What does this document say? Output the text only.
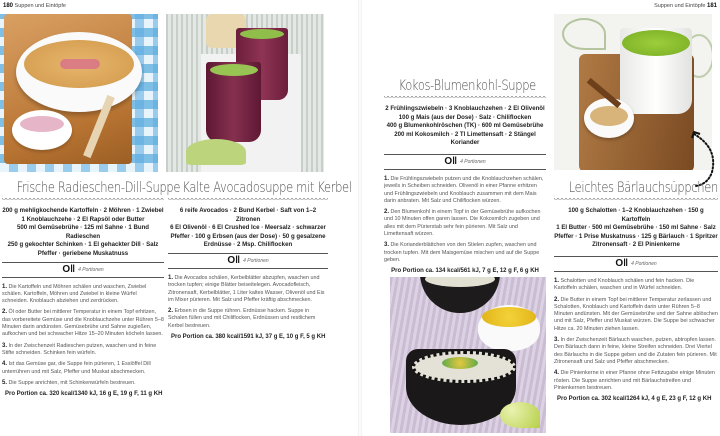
180 Suppen und Eintöpfe	Suppen und Eintöpfe 181
Frische Radieschen-Dill-Suppe
200 g mehligkochende Kartoffeln · 2 Möhren · 1 Zwiebel
1 Knoblauchzehe · 2 El Rapsöl oder Butter
500 ml Gemüsebrühe · 125 ml Sahne · 1 Bund Radieschen
250 g gekochter Schinken · 1 El gehackter Dill · Salz
Pfeffer · geriebene Muskatnuss
O‖ 4 Portionen

1. Die Kartoffeln und Möhren schälen und waschen, Zwiebel schälen. Kartoffeln, Möhren und Zwiebel in kleine Würfel schneiden. Knoblauch abziehen und zerdrücken.

2. Öl oder Butter bei mittlerer Temperatur in einem Topf erhitzen, das vorbereitete Gemüse und die Knoblauchzehe unter Rühren 5–8 Minuten darin andünsten. Gemüsebrühe und Sahne zugießen, aufkochen und bei schwacher Hitze 15–20 Minuten köcheln lassen.

3. In der Zwischenzeit Radieschen putzen, waschen und in feine Stifte schneiden. Schinken fein würfeln.

4. Ist das Gemüse gar, die Suppe fein pürieren, 1 Esslöffel Dill unterrühren und mit Salz, Pfeffer und Muskat abschmecken.

5. Die Suppe anrichten, mit Schinkenwürfeln bestreuen.

Pro Portion ca. 320 kcal/1340 kJ, 16 g E, 19 g F, 11 g KH
Kalte Avocadosuppe mit Kerbel
6 reife Avocados · 2 Bund Kerbel · Saft von 1–2 Zitronen
6 El Olivenöl · 6 El Crushed Ice · Meersalz · schwarzer
Pfeffer · 100 g Erbsen (aus der Dose) · 50 g gesalzene
Erdnüsse · 2 Msp. Chiliflocken
O‖ 4 Portionen

1. Die Avocados schälen, Kerbelblätter abzupfen, waschen und trocken tupfen; einige Blätter beiseitelegen. Avocadofleisch, Zitronensaft, Kerbelblätter, 1 Liter kaltes Wasser, Olivenöl und Eis im Mixer pürieren. Mit Salz und Pfeffer kräftig abschmecken.

2. Erbsen in die Suppe rühren. Erdnüsse hacken. Suppe in Schalen füllen und mit Chiliflocken, Erdnüssen und restlichem Kerbel bestreuen.

Pro Portion ca. 380 kcal/1591 kJ, 37 g E, 10 g F, 5 g KH
Kokos-Blumenkohl-Suppe
2 Frühlingszwiebeln · 3 Knoblauchzehen · 2 El Olivenöl
100 g Mais (aus der Dose) · Salz · Chiliflocken
400 g Blumenkohlröschen (TK) · 600 ml Gemüsebrühe
200 ml Kokosmilch · 2 Tl Limettensaft · 2 Stängel Koriander
O‖ 4 Portionen

1. Die Frühlingszwiebeln putzen und die Knoblauchzehen schälen, jeweils in Scheiben schneiden. Olivenöl in einer Pfanne erhitzen und Frühlingszwiebeln und Knoblauch zusammen mit dem Mais darin anbraten. Mit Salz und Chiliflocken würzen.

2. Den Blumenkohl in einem Topf in der Gemüsebrühe aufkochen und 10 Minuten offen garen lassen. Die Kokosmilch zugeben und alles mit dem Pürierstab sehr fein pürieren. Mit Salz und Limettensaft würzen.

3. Die Korianderblättchen von den Stielen zupfen, waschen und trocken tupfen. Mit dem Maisgemüse mischen und auf die Suppe geben.

Pro Portion ca. 134 kcal/561 kJ, 7 g E, 12 g F, 6 g KH
Leichtes Bärlauchsüppchen
100 g Schalotten · 1–2 Knoblauchzehen · 150 g Kartoffeln
1 El Butter · 500 ml Gemüsebrühe · 150 ml Sahne · Salz
Pfeffer · 1 Prise Muskatnuss · 125 g Bärlauch · 1 Spritzer
Zitronensaft · 2 El Pinienkerne
O‖ 4 Portionen

1. Schalotten und Knoblauch schälen und fein hacken. Die Kartoffeln schälen, waschen und in Würfel schneiden.

2. Die Butter in einem Topf bei mittlerer Temperatur zerlassen und Schalotten, Knoblauch und Kartoffeln darin unter Rühren 5–8 Minuten andünsten. Mit der Gemüsebrühe und der Sahne ablöschen und mit Salz, Pfeffer und Muskat würzen. Die Suppe bei schwacher Hitze ca. 20 Minuten ziehen lassen.

3. In der Zwischenzeit Bärlauch waschen, putzen, abtropfen lassen. Den Bärlauch dann in feine, kleine Streifen schneiden. Drei Viertel des Bärlauchs in die Suppe geben und die Zutaten fein pürieren. Mit Zitronensaft und Salz und Pfeffer abschmecken.

4. Die Pinienkerne in einer Pfanne ohne Fettzugabe einige Minuten rösten. Die Suppe anrichten und mit Bärlauchstreifen und Pinienkernen bestreuen.

Pro Portion ca. 302 kcal/1264 kJ, 4 g E, 23 g F, 12 g KH
